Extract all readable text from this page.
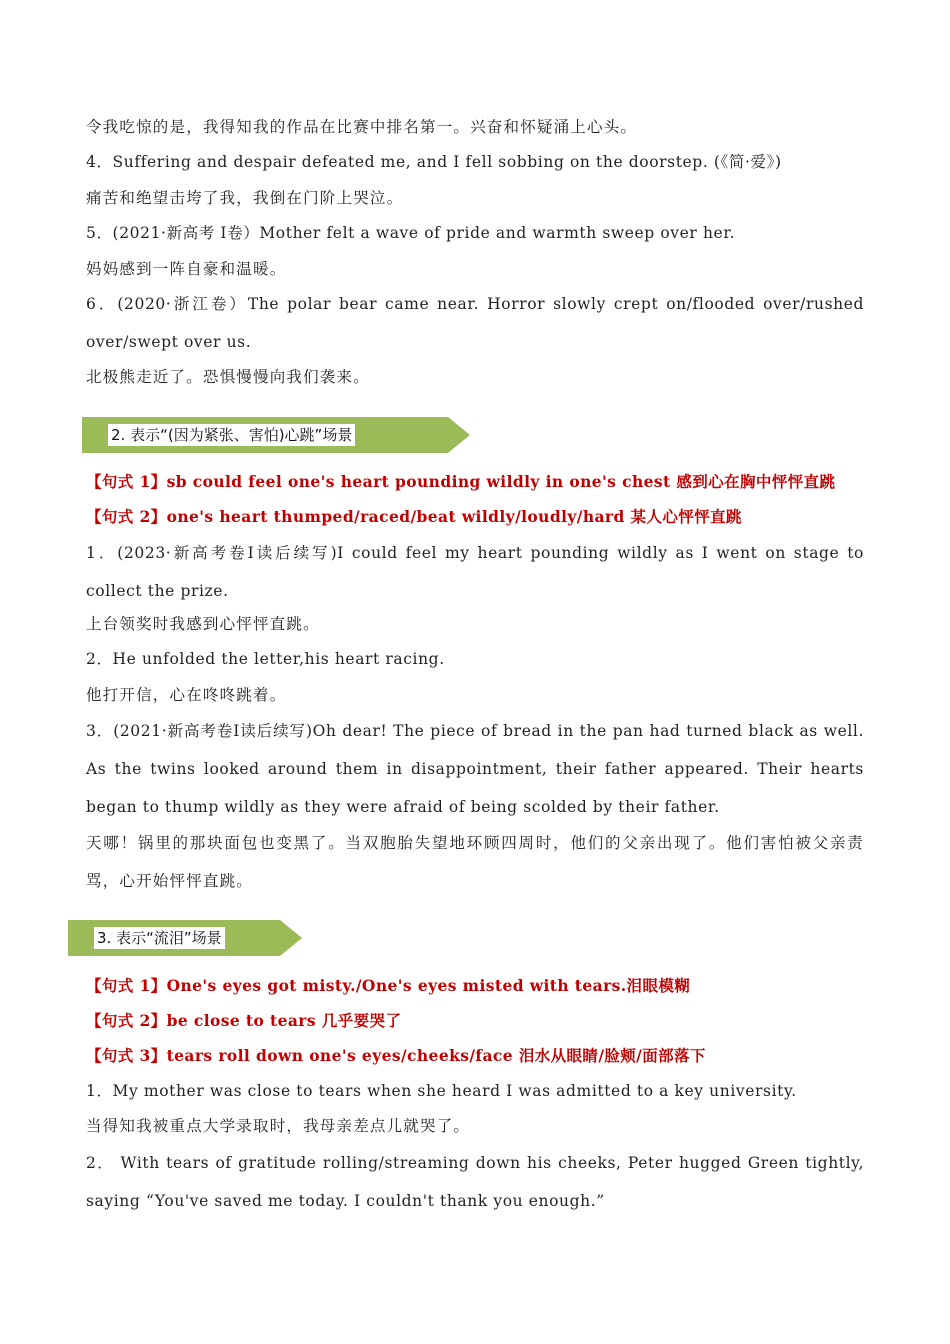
令我吃惊的是，我得知我的作品在比赛中排名第一。兴奋和怀疑涌上心头。
4．Suffering and despair defeated me, and I fell sobbing on the doorstep. (《简·爱》)
痛苦和绝望击垮了我，我倒在门阶上哭泣。
5．(2021·新高考 Ⅰ卷）Mother felt a wave of pride and warmth sweep over her.
妈妈感到一阵自豪和温暖。
6．(2020·浙江卷）The polar bear came near. Horror slowly crept on/flooded over/rushed over/swept over us.
北极熊走近了。恐惧慢慢向我们袭来。
2. 表示“(因为紧张、害怕)心跳”场景
【句式 1】sb could feel one's heart pounding wildly in one's chest 感到心在胸中怦怦直跳
【句式 2】one's heart thumped/raced/beat wildly/loudly/hard 某人心怦怦直跳
1．(2023·新高考卷Ⅰ读后续写)I could feel my heart pounding wildly as I went on stage to collect the prize.
上台领奖时我感到心怦怦直跳。
2．He unfolded the letter,his heart racing.
他打开信，心在咚咚跳着。
3．(2021·新高考卷Ⅰ读后续写)Oh dear! The piece of bread in the pan had turned black as well. As the twins looked around them in disappointment, their father appeared. Their hearts began to thump wildly as they were afraid of being scolded by their father.
天哪！锅里的那块面包也变黑了。当双胞胎失望地环顾四周时，他们的父亲出现了。他们害怕被父亲责骂，心开始怦怦直跳。
3. 表示“流泪”场景
【句式 1】One's eyes got misty./One's eyes misted with tears.泪眼模糊
【句式 2】be close to tears 几乎要哭了
【句式 3】tears roll down one's eyes/cheeks/face 泪水从眼睛/脸颊/面部落下
1．My mother was close to tears when she heard I was admitted to a key university.
当得知我被重点大学录取时，我母亲差点儿就哭了。
2． With tears of gratitude rolling/streaming down his cheeks, Peter hugged Green tightly, saying “You've saved me today. I couldn't thank you enough.”
